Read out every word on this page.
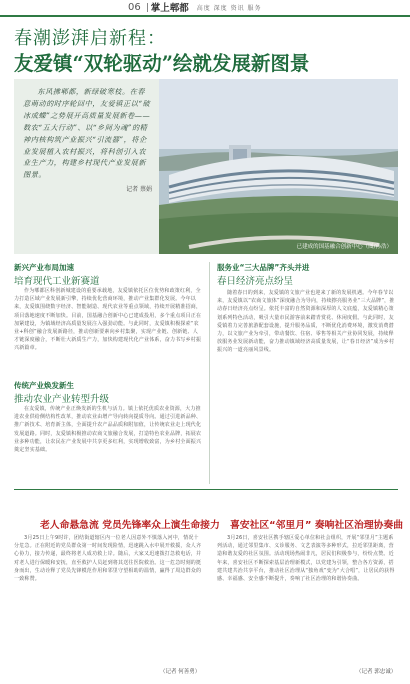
06 掌上郫都 高度 深度 资讯 服务
春潮澎湃启新程：
友爱镇“双轮驱动”绘就发展新图景

东风拂郫都，新绿破寒枝。在春意萌动的时序轮回中，友爱镇正以“破冰成蝶”之势展开高质量发展新卷——数农“五大行动”、以“乡间为魂”的精神内核构筑产业振兴“引流器”，将企业发展植入农村振兴，将科创引入农业生产力，构建乡村现代产业发展新图景。

记者 蔡娟
已建成的国基融合创新中心（图/孙浩）
新兴产业布局加速
培育现代工业新赛道
作为郫都区科创新城建设的重要承载地，友爱镇依托区位优势和政策红利，全力打造区域产业发展新引擎，持续优化营商环境，推动产业集群化发展。今年以来，友爱镇围绕数字经济、智能制造、现代农业等重点领域，持续开展精准招商，项目落地速度不断加快。目前，国基融合创新中心已建成投用，多个重点项目正在加紧建设，为镇域经济高质量发展注入强劲动能。与此同时，友爱镇积极探索“农业+科创”融合发展新路径，推动创新要素向乡村集聚，实现产业链、创新链、人才链深度融合，不断壮大新质生产力，加快构建现代化产业体系，奋力书写乡村振兴新篇章。
传统产业焕发新生
推动农业产业转型升级
在友爱镇，传统产业正焕发新的生机与活力。镇上依托优质农业资源，大力推进农业供给侧结构性改革，推动农业由增产导向转向提质导向。通过引进新品种、推广新技术、培育新主体，全面提升农产品品质和附加值，让传统农业走上现代化发展道路。同时，友爱镇积极推动农商文旅融合发展，打造特色农业品牌，拓展农业多种功能，让农民在产业发展中共享更多红利，实现增收致富，为乡村全面振兴奠定坚实基础。
服务业“三大品牌”齐头并进
春日经济亮点纷呈
随着春日的到来，友爱镇的文旅产业也迎来了新的发展机遇。今年春节以来，友爱镇以“农商文旅体”深度融合为导向，持续擦亮服务业“三大品牌”，推动春日经济亮点纷呈。依托丰富的自然资源和深厚的人文底蕴，友爱镇精心策划系列特色活动，吸引大量市民游客前来踏青赏花、休闲度假。与此同时，友爱镇着力完善旅游配套设施，提升服务品质，不断优化消费环境，激发消费潜力，以文旅产业为牵引，带动餐饮、住宿、零售等相关产业协同发展，持续释放服务业发展新动能，奋力推动镇域经济高质量发展，让“春日经济”成为乡村振兴的一道亮丽风景线。
老人命悬急流 党员先锋率众上演生命接力
3月25日上午9时许，团结街道辖区内一位老人因意外不慎落入河中，情况十分危急。正在附近的党员群众第一时间发现险情，迅速跳入水中展开救援，众人齐心协力，接力传递，最终将老人成功救上岸。随后，大家又迅速拨打急救电话，并对老人进行保暖和安抚，直至救护人员赶到将其送往医院救治。这一危急时刻的挺身而出，生动诠释了党员先锋模范作用和邻里守望相助的温情，赢得了周边群众的一致称赞。
（记者 何善勇）
喜安社区“邻里月” 奏响社区治理协奏曲
3月26日，喜安社区携手辖区爱心单位和社会组织，开展“邻里月”主题系列活动，通过邻里集市、义诊服务、文艺表演等多种形式，拉近邻里距离，营造和谐友爱的社区氛围。活动现场热闹非凡，居民们积极参与，纷纷点赞。近年来，喜安社区不断探索基层治理新模式，以党建为引领，整合各方资源，搭建共建共治共享平台，推动社区治理从“独角戏”变为“大合唱”，让居民的获得感、幸福感、安全感不断提升，奏响了社区治理的和谐协奏曲。
（记者 郭忠诚）
